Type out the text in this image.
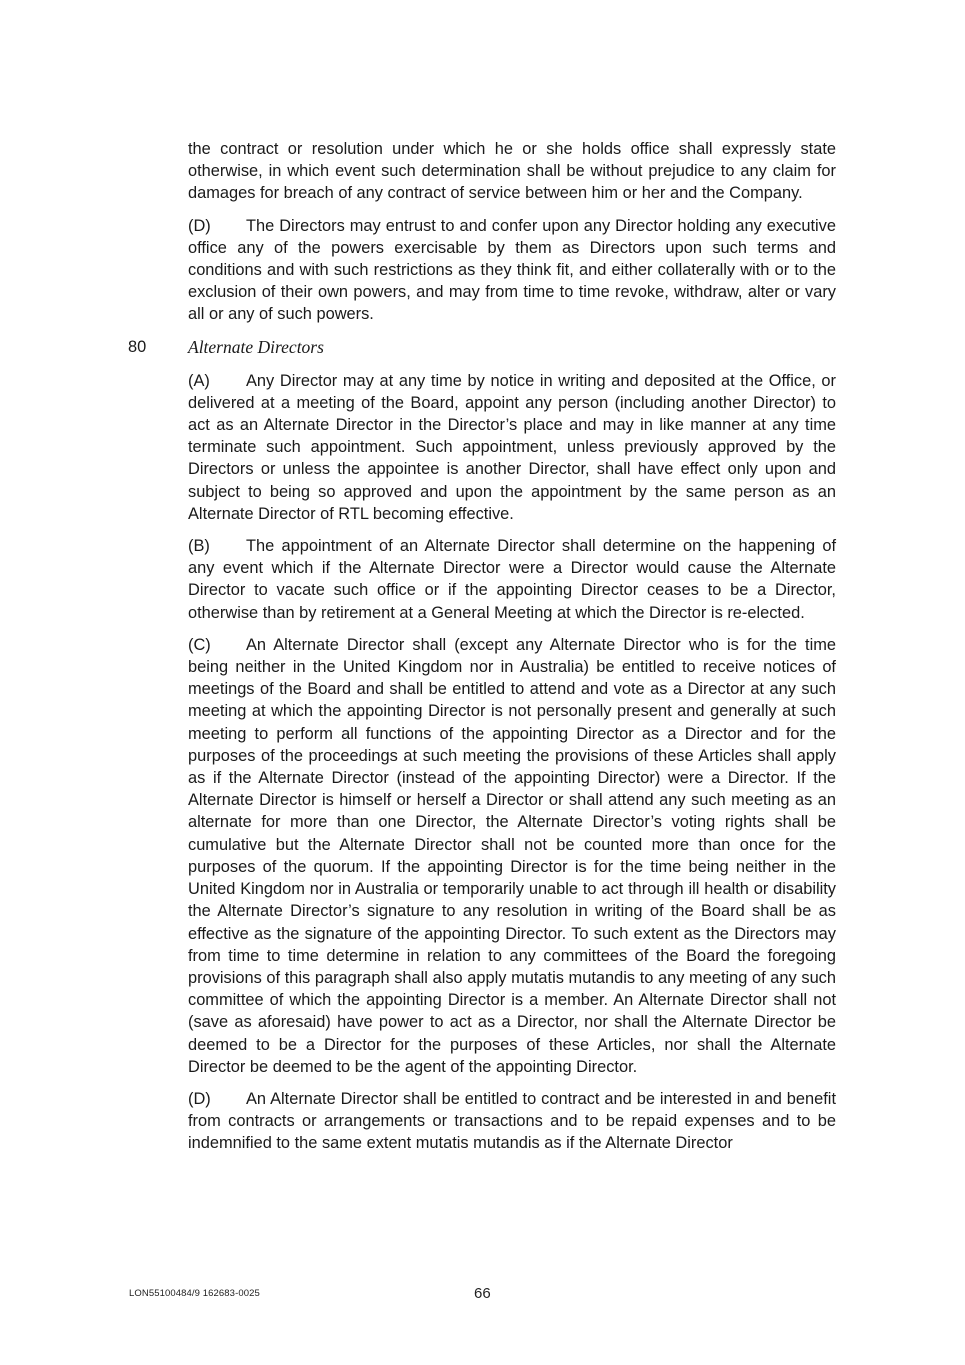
the contract or resolution under which he or she holds office shall expressly state otherwise, in which event such determination shall be without prejudice to any claim for damages for breach of any contract of service between him or her and the Company.

(D) The Directors may entrust to and confer upon any Director holding any executive office any of the powers exercisable by them as Directors upon such terms and conditions and with such restrictions as they think fit, and either collaterally with or to the exclusion of their own powers, and may from time to time revoke, withdraw, alter or vary all or any of such powers.

80 Alternate Directors

(A) Any Director may at any time by notice in writing and deposited at the Office, or delivered at a meeting of the Board, appoint any person (including another Director) to act as an Alternate Director in the Director’s place and may in like manner at any time terminate such appointment. Such appointment, unless previously approved by the Directors or unless the appointee is another Director, shall have effect only upon and subject to being so approved and upon the appointment by the same person as an Alternate Director of RTL becoming effective.

(B) The appointment of an Alternate Director shall determine on the happening of any event which if the Alternate Director were a Director would cause the Alternate Director to vacate such office or if the appointing Director ceases to be a Director, otherwise than by retirement at a General Meeting at which the Director is re-elected.

(C) An Alternate Director shall (except any Alternate Director who is for the time being neither in the United Kingdom nor in Australia) be entitled to receive notices of meetings of the Board and shall be entitled to attend and vote as a Director at any such meeting at which the appointing Director is not personally present and generally at such meeting to perform all functions of the appointing Director as a Director and for the purposes of the proceedings at such meeting the provisions of these Articles shall apply as if the Alternate Director (instead of the appointing Director) were a Director. If the Alternate Director is himself or herself a Director or shall attend any such meeting as an alternate for more than one Director, the Alternate Director’s voting rights shall be cumulative but the Alternate Director shall not be counted more than once for the purposes of the quorum. If the appointing Director is for the time being neither in the United Kingdom nor in Australia or temporarily unable to act through ill health or disability the Alternate Director’s signature to any resolution in writing of the Board shall be as effective as the signature of the appointing Director. To such extent as the Directors may from time to time determine in relation to any committees of the Board the foregoing provisions of this paragraph shall also apply mutatis mutandis to any meeting of any such committee of which the appointing Director is a member. An Alternate Director shall not (save as aforesaid) have power to act as a Director, nor shall the Alternate Director be deemed to be a Director for the purposes of these Articles, nor shall the Alternate Director be deemed to be the agent of the appointing Director.

(D) An Alternate Director shall be entitled to contract and be interested in and benefit from contracts or arrangements or transactions and to be repaid expenses and to be indemnified to the same extent mutatis mutandis as if the Alternate Director

LON55100484/9 162683-0025	66
